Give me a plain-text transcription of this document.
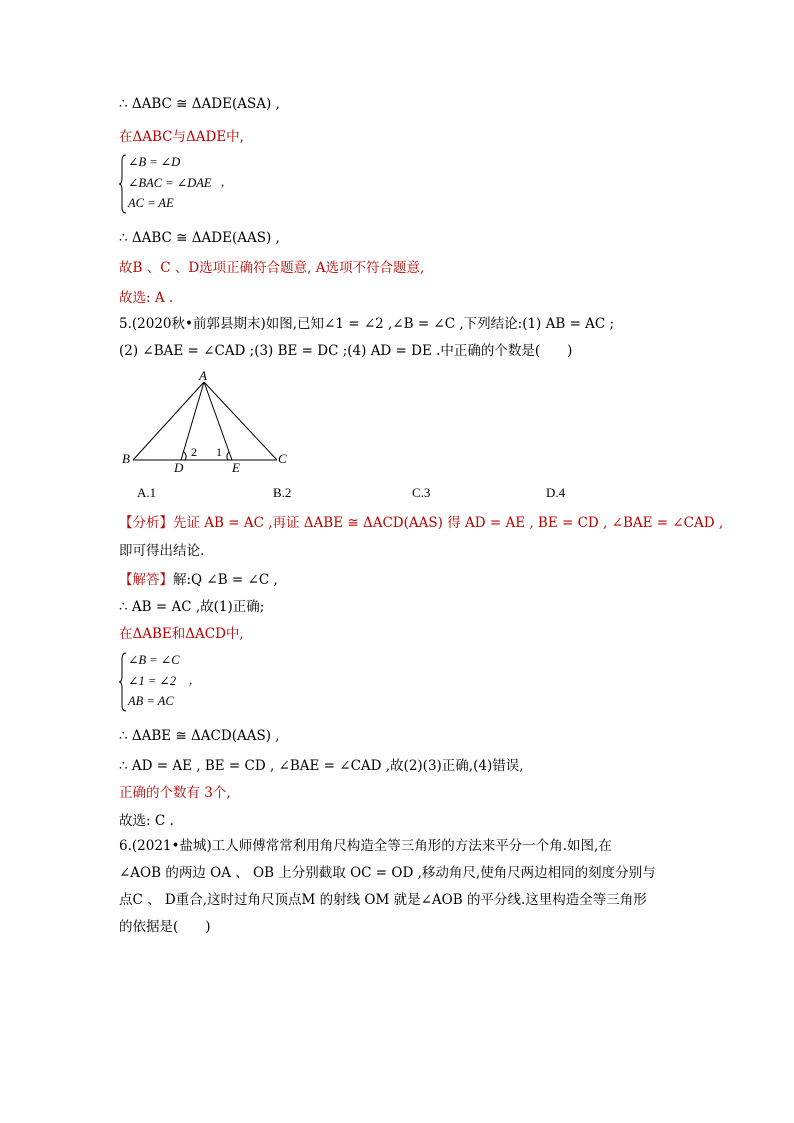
∴ ΔABC ≅ ΔADE(ASA) ,
在ΔABC与ΔADE中,
∠B = ∠D
∠BAC = ∠DAE
AC = AE
,
∴ ΔABC ≅ ΔADE(AAS) ,
故B 、C 、D选项正确符合题意, A选项不符合题意,
故选: A .
5.(2020秋•前郭县期末)如图,已知∠1 = ∠2 ,∠B = ∠C ,下列结论:(1) AB = AC ;
(2) ∠BAE = ∠CAD ;(3) BE = DC ;(4) AD = DE .中正确的个数是(　　)
A
B	C
D	E
2 1
A.1	B.2	C.3	D.4
【分析】先证 AB = AC ,再证 ΔABE ≅ ΔACD(AAS) 得 AD = AE , BE = CD , ∠BAE = ∠CAD ,
即可得出结论.
【解答】解:Q ∠B = ∠C ,
∴ AB = AC ,故(1)正确;
在ΔABE和ΔACD中,
∠B = ∠C
∠1 = ∠2
AB = AC
,
∴ ΔABE ≅ ΔACD(AAS) ,
∴ AD = AE , BE = CD , ∠BAE = ∠CAD ,故(2)(3)正确,(4)错误,
正确的个数有 3个,
故选: C .
6.(2021•盐城)工人师傅常常利用角尺构造全等三角形的方法来平分一个角.如图,在
∠AOB 的两边 OA 、 OB 上分别截取 OC = OD ,移动角尺,使角尺两边相同的刻度分别与
点C 、 D重合,这时过角尺顶点M 的射线 OM 就是∠AOB 的平分线.这里构造全等三角形
的依据是(　　)
